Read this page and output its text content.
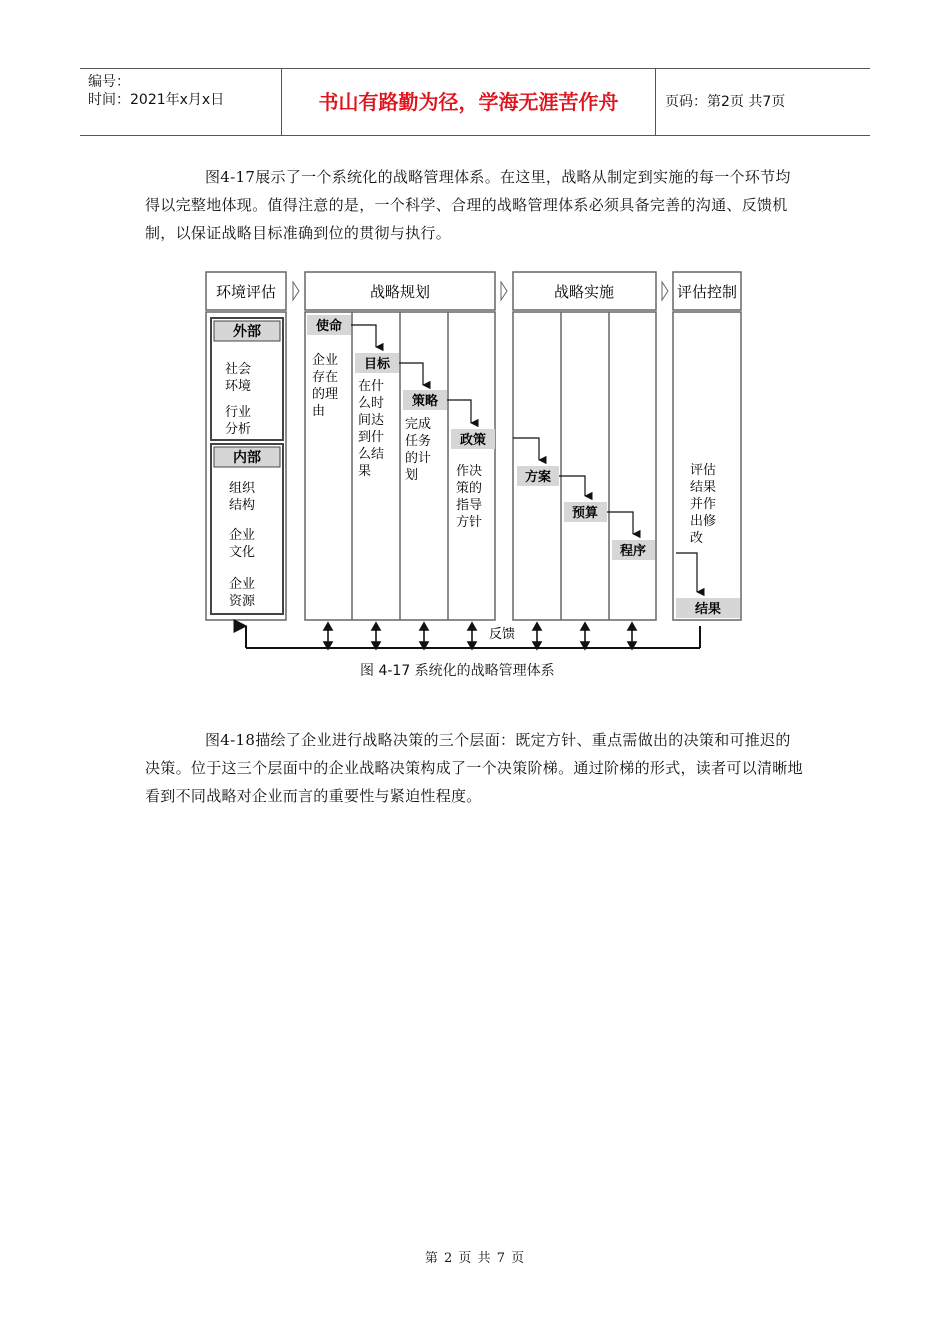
编号：
时间：2021年x月x日	书山有路勤为径，学海无涯苦作舟	页码：第2页 共7页
图4-17展示了一个系统化的战略管理体系。在这里，战略从制定到实施的每一个环节均得以完整地体现。值得注意的是，一个科学、合理的战略管理体系必须具备完善的沟通、反馈机制，以保证战略目标准确到位的贯彻与执行。
环境评估	战略规划	战略实施	评估控制
外部
社会环境
行业分析
内部
组织结构
企业文化
企业资源
使命
企业存在的理由
目标
在什么时间达到什么结果
策略
完成任务的计划
政策
作决策的指导方针
方案
预算
程序
评估结果并作出修改
结果
反馈
图 4-17 系统化的战略管理体系
图4-18描绘了企业进行战略决策的三个层面：既定方针、重点需做出的决策和可推迟的决策。位于这三个层面中的企业战略决策构成了一个决策阶梯。通过阶梯的形式，读者可以清晰地看到不同战略对企业而言的重要性与紧迫性程度。
第 2 页 共 7 页
